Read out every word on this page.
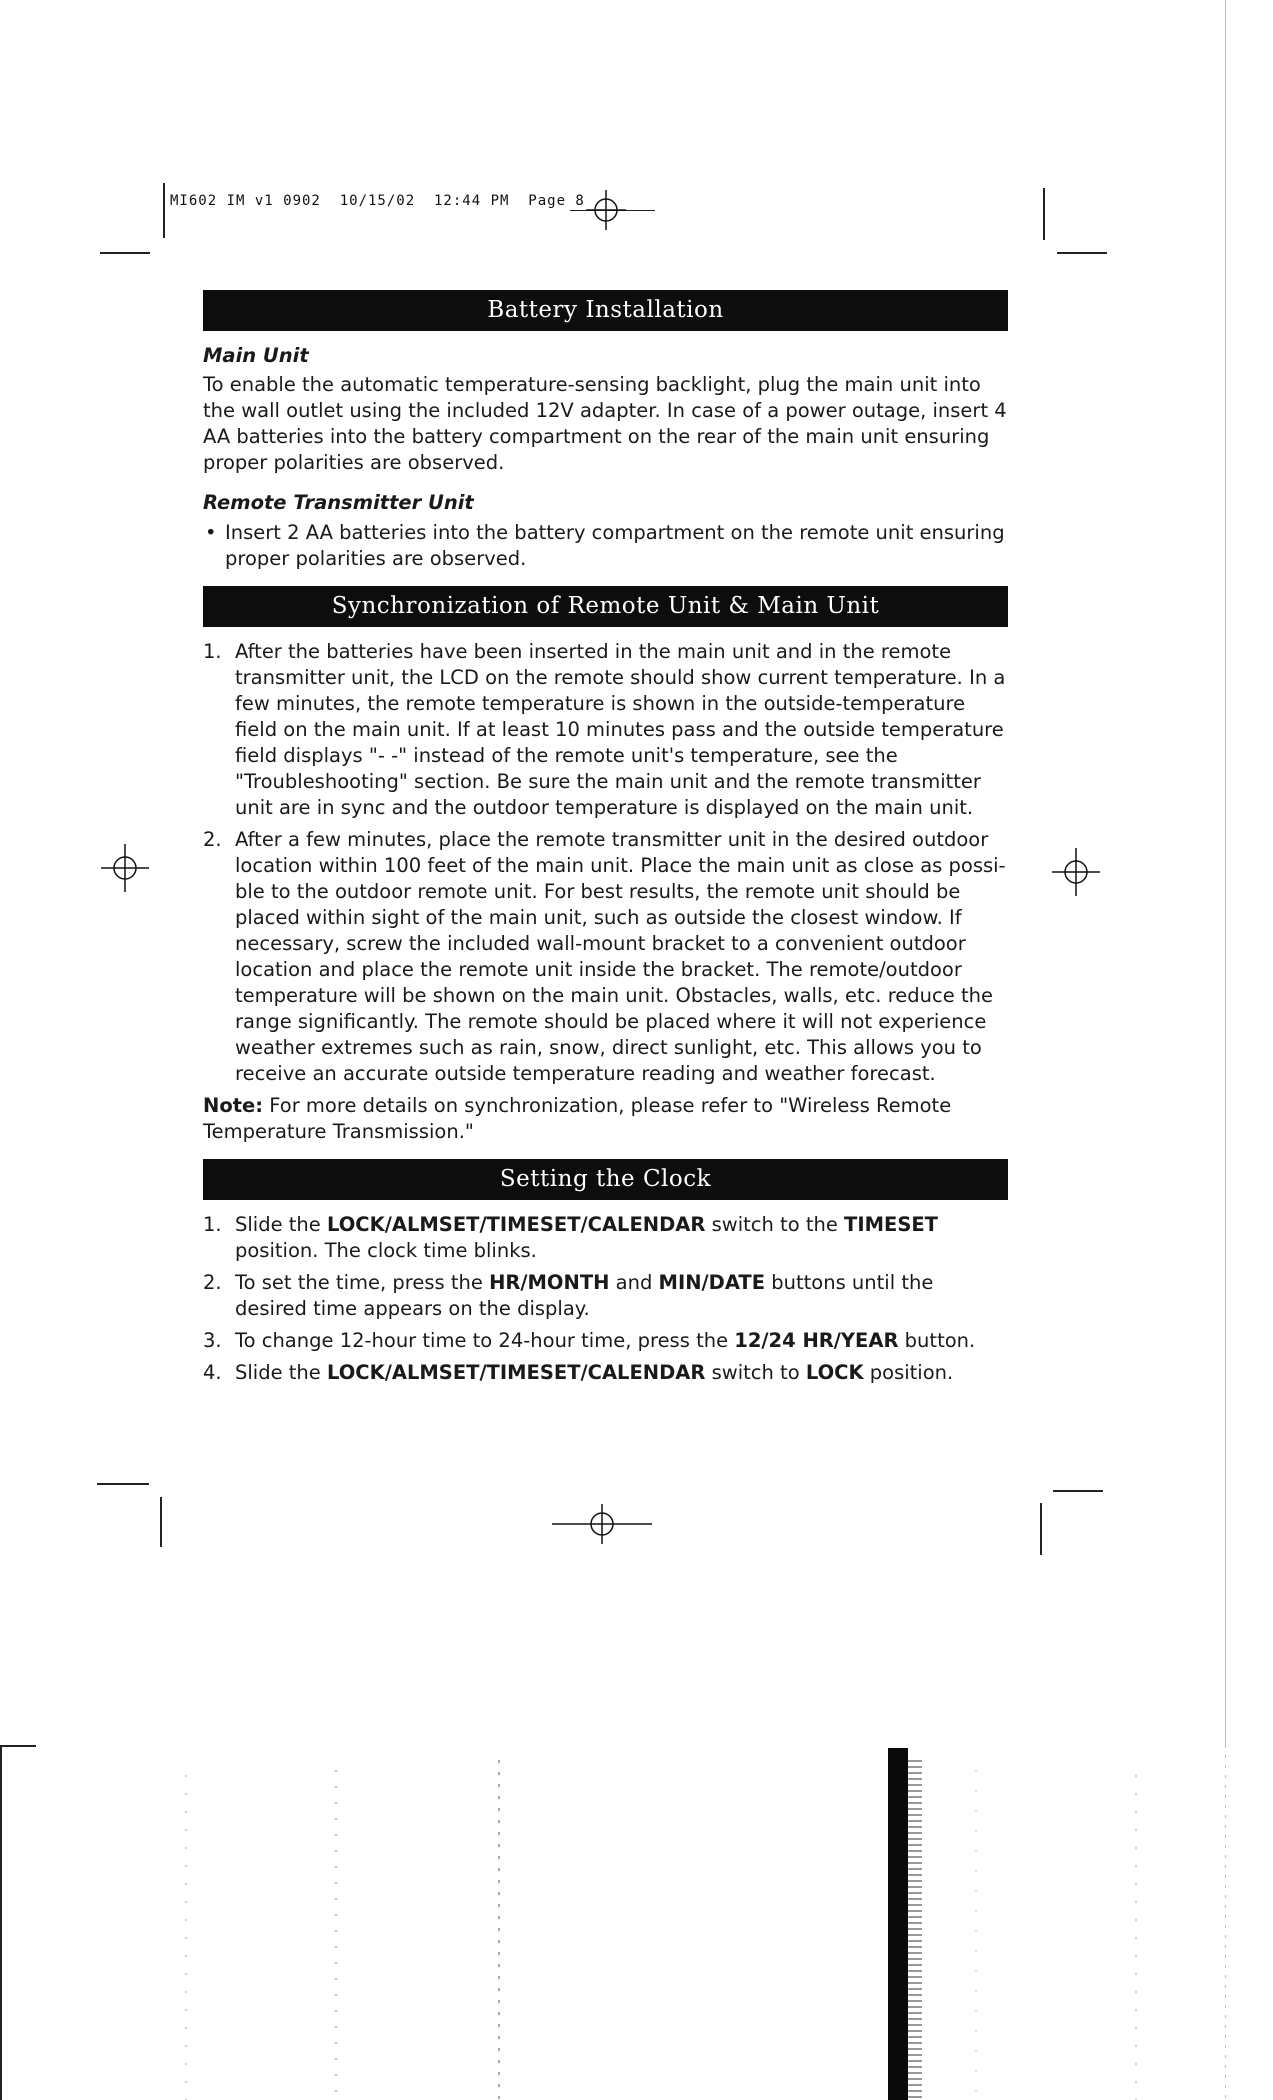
MI602 IM v1 0902  10/15/02  12:44 PM  Page 8
Battery Installation
Main Unit

To enable the automatic temperature-sensing backlight, plug the main unit into the wall outlet using the included 12V adapter. In case of a power outage, insert 4 AA batteries into the battery compartment on the rear of the main unit ensuring proper polarities are observed.

Remote Transmitter Unit
• Insert 2 AA batteries into the battery compartment on the remote unit ensuring proper polarities are observed.
Synchronization of Remote Unit & Main Unit
1. After the batteries have been inserted in the main unit and in the remote transmitter unit, the LCD on the remote should show current temperature. In a few minutes, the remote temperature is shown in the outside-temperature field on the main unit. If at least 10 minutes pass and the outside temperature field displays "- -" instead of the remote unit's temperature, see the "Troubleshooting" section. Be sure the main unit and the remote transmitter unit are in sync and the outdoor temperature is displayed on the main unit.
2. After a few minutes, place the remote transmitter unit in the desired outdoor location within 100 feet of the main unit. Place the main unit as close as possi-ble to the outdoor remote unit. For best results, the remote unit should be placed within sight of the main unit, such as outside the closest window. If necessary, screw the included wall-mount bracket to a convenient outdoor location and place the remote unit inside the bracket. The remote/outdoor temperature will be shown on the main unit. Obstacles, walls, etc. reduce the range significantly. The remote should be placed where it will not experience weather extremes such as rain, snow, direct sunlight, etc. This allows you to receive an accurate outside temperature reading and weather forecast.
Note: For more details on synchronization, please refer to "Wireless Remote Temperature Transmission."
Setting the Clock
1. Slide the LOCK/ALMSET/TIMESET/CALENDAR switch to the TIMESET position. The clock time blinks.
2. To set the time, press the HR/MONTH and MIN/DATE buttons until the desired time appears on the display.
3. To change 12-hour time to 24-hour time, press the 12/24 HR/YEAR button.
4. Slide the LOCK/ALMSET/TIMESET/CALENDAR switch to LOCK position.
